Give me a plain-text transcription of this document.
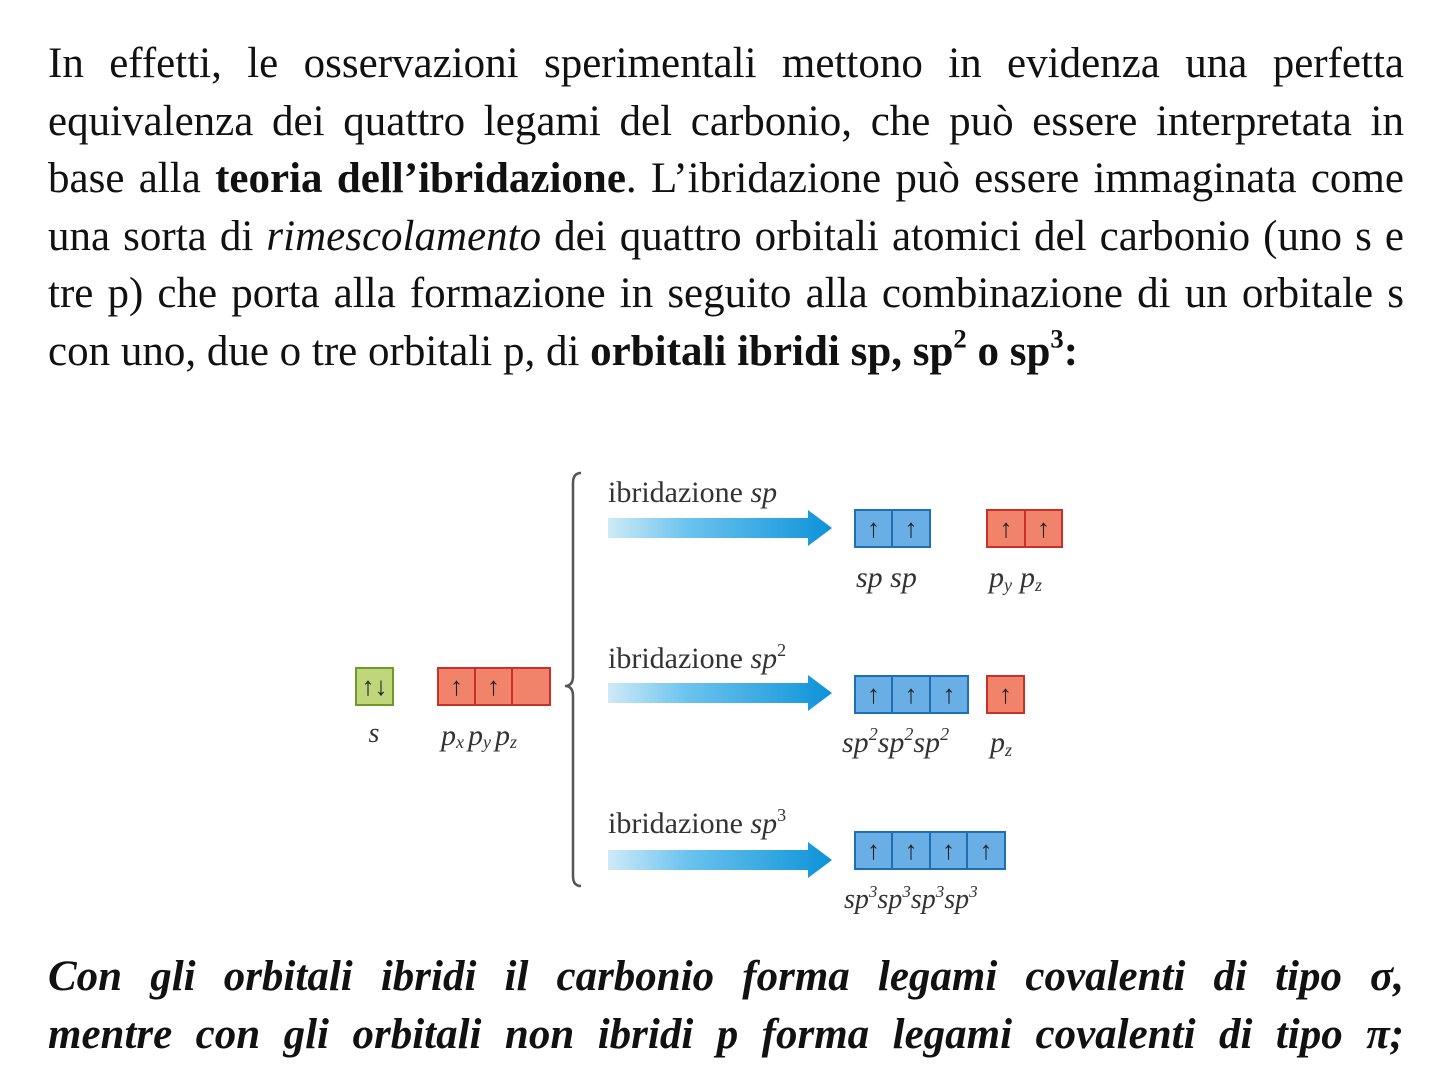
In effetti, le osservazioni sperimentali mettono in evidenza una perfetta equivalenza dei quattro legami del carbonio, che può essere interpretata in base alla teoria dell’ibridazione. L’ibridazione può essere immaginata come una sorta di rimescolamento dei quattro orbitali atomici del carbonio (uno s e tre p) che porta alla formazione in seguito alla combinazione di un orbitale s con uno, due o tre orbitali p, di orbitali ibridi sp, $sp^2$ o $sp^3$:

↑↓
s
↑ ↑
px py pz
ibridazione sp
↑ ↑
sp sp
↑ ↑
py pz
ibridazione $sp^2$
↑ ↑ ↑
$sp^2sp^2sp^2$
↑
pz
ibridazione $sp^3$
↑ ↑ ↑ ↑
$sp^3sp^3sp^3sp^3$

Con gli orbitali ibridi il carbonio forma legami covalenti di tipo σ,
mentre con gli orbitali non ibridi p forma legami covalenti di tipo π;
